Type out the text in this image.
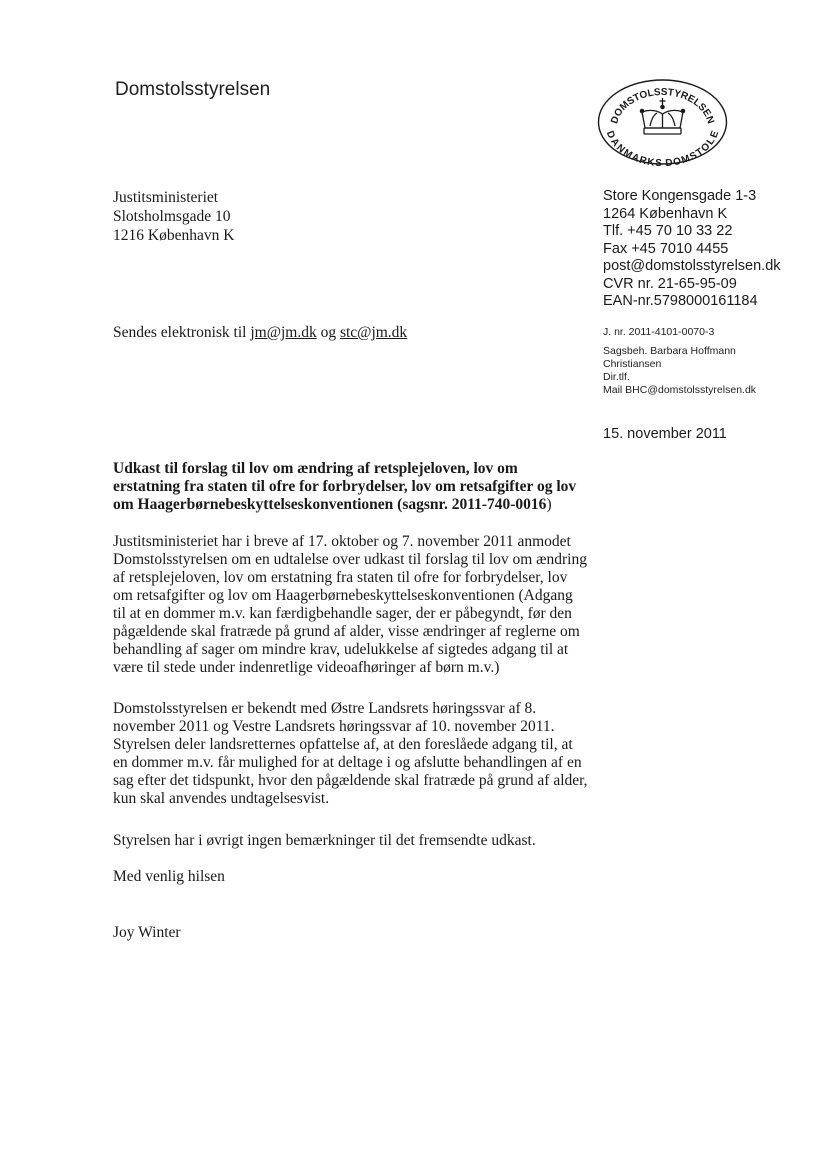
Domstolsstyrelsen
DOMSTOLSSTYRELSEN
DANMARKS DOMSTOLE
Justitsministeriet
Slotsholmsgade 10
1216 København K
Store Kongensgade 1-3
1264 København K
Tlf. +45 70 10 33 22
Fax +45 7010 4455
post@domstolsstyrelsen.dk
CVR nr. 21-65-95-09
EAN-nr.5798000161184
Sendes elektronisk til jm@jm.dk og stc@jm.dk	J. nr. 2011-4101-0070-3
Sagsbeh. Barbara Hoffmann
Christiansen
Dir.tlf.
Mail BHC@domstolsstyrelsen.dk
15. november 2011
Udkast til forslag til lov om ændring af retsplejeloven, lov om
erstatning fra staten til ofre for forbrydelser, lov om retsafgifter og lov
om Haagerbørnebeskyttelseskonventionen (sagsnr. 2011-740-0016)
Justitsministeriet har i breve af 17. oktober og 7. november 2011 anmodet
Domstolsstyrelsen om en udtalelse over udkast til forslag til lov om ændring
af retsplejeloven, lov om erstatning fra staten til ofre for forbrydelser, lov
om retsafgifter og lov om Haagerbørnebeskyttelseskonventionen (Adgang
til at en dommer m.v. kan færdigbehandle sager, der er påbegyndt, før den
pågældende skal fratræde på grund af alder, visse ændringer af reglerne om
behandling af sager om mindre krav, udelukkelse af sigtedes adgang til at
være til stede under indenretlige videoafhøringer af børn m.v.)
Domstolsstyrelsen er bekendt med Østre Landsrets høringssvar af 8.
november 2011 og Vestre Landsrets høringssvar af 10. november 2011.
Styrelsen deler landsretternes opfattelse af, at den foreslåede adgang til, at
en dommer m.v. får mulighed for at deltage i og afslutte behandlingen af en
sag efter det tidspunkt, hvor den pågældende skal fratræde på grund af alder,
kun skal anvendes undtagelsesvist.
Styrelsen har i øvrigt ingen bemærkninger til det fremsendte udkast.
Med venlig hilsen
Joy Winter
